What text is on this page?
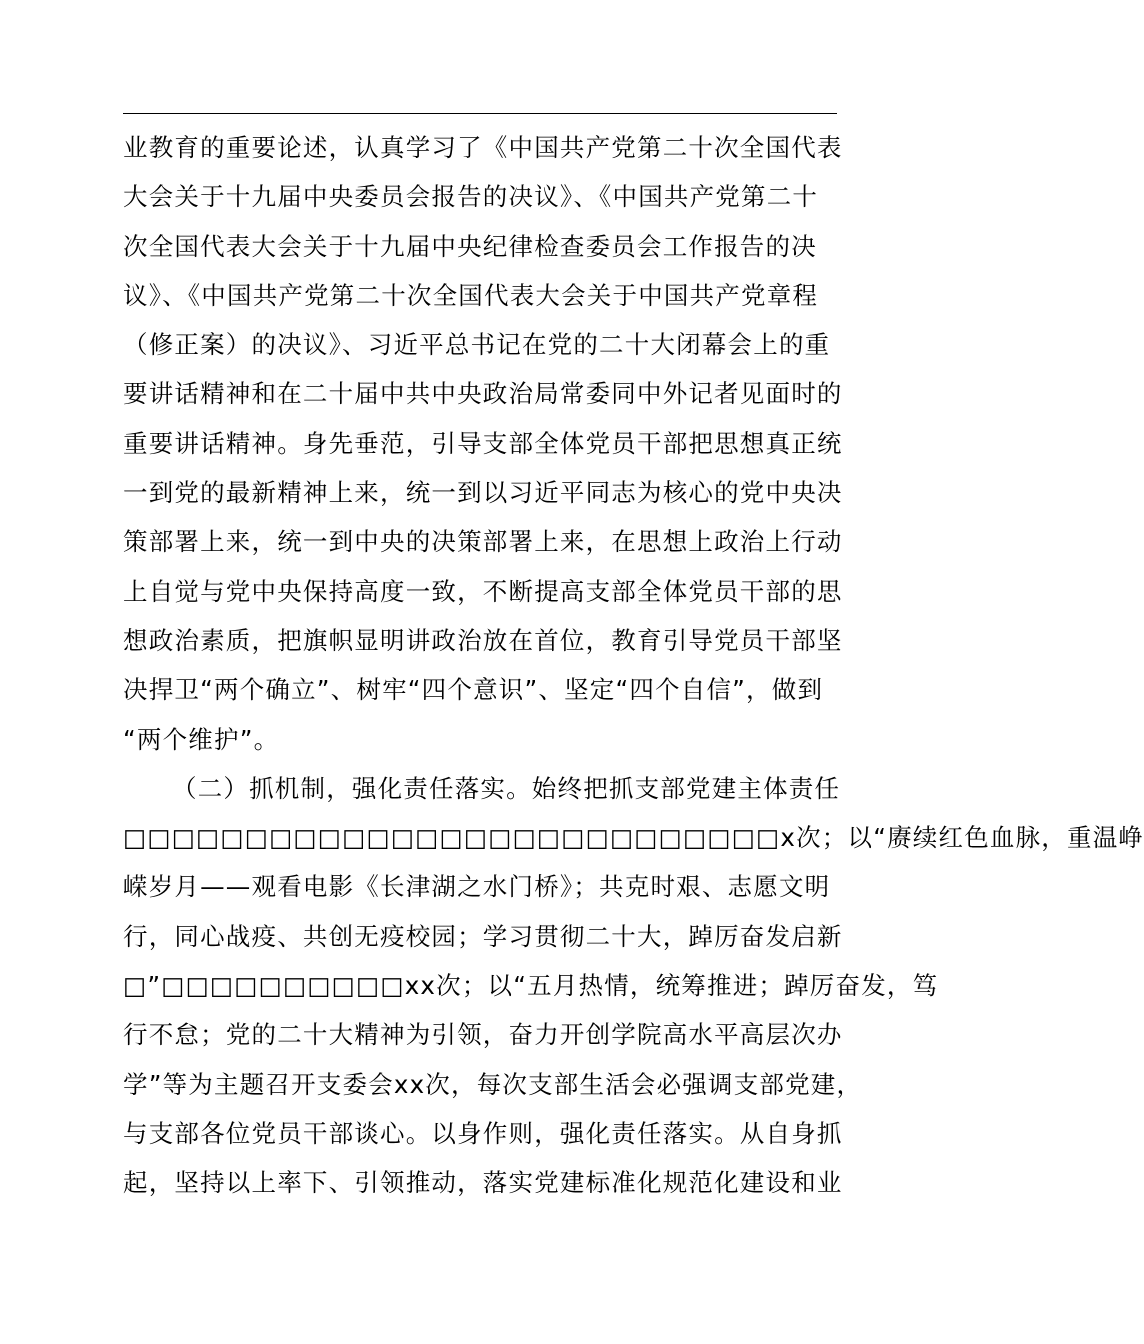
业教育的重要论述，认真学习了《中国共产党第二十次全国代表
大会关于十九届中央委员会报告的决议》、《中国共产党第二十
次全国代表大会关于十九届中央纪律检查委员会工作报告的决
议》、《中国共产党第二十次全国代表大会关于中国共产党章程
（修正案）的决议》、习近平总书记在党的二十大闭幕会上的重
要讲话精神和在二十届中共中央政治局常委同中外记者见面时的
重要讲话精神。身先垂范，引导支部全体党员干部把思想真正统
一到党的最新精神上来，统一到以习近平同志为核心的党中央决
策部署上来，统一到中央的决策部署上来，在思想上政治上行动
上自觉与党中央保持高度一致，不断提高支部全体党员干部的思
想政治素质，把旗帜显明讲政治放在首位，教育引导党员干部坚
决捍卫“两个确立”、树牢“四个意识”、坚定“四个自信”，做到
“两个维护”。
（二）抓机制，强化责任落实。始终把抓支部党建主体责任
□□□□□□□□□□□□□□□□□□□□□□□□□□□x次；以“赓续红色血脉，重温峥
嵘岁月——观看电影《长津湖之水门桥》；共克时艰、志愿文明
行，同心战疫、共创无疫校园；学习贯彻二十大，踔厉奋发启新
□”□□□□□□□□□□xx次；以“五月热情，统筹推进；踔厉奋发，笃
行不怠；党的二十大精神为引领，奋力开创学院高水平高层次办
学”等为主题召开支委会xx次，每次支部生活会必强调支部党建，
与支部各位党员干部谈心。以身作则，强化责任落实。从自身抓
起，坚持以上率下、引领推动，落实党建标准化规范化建设和业
